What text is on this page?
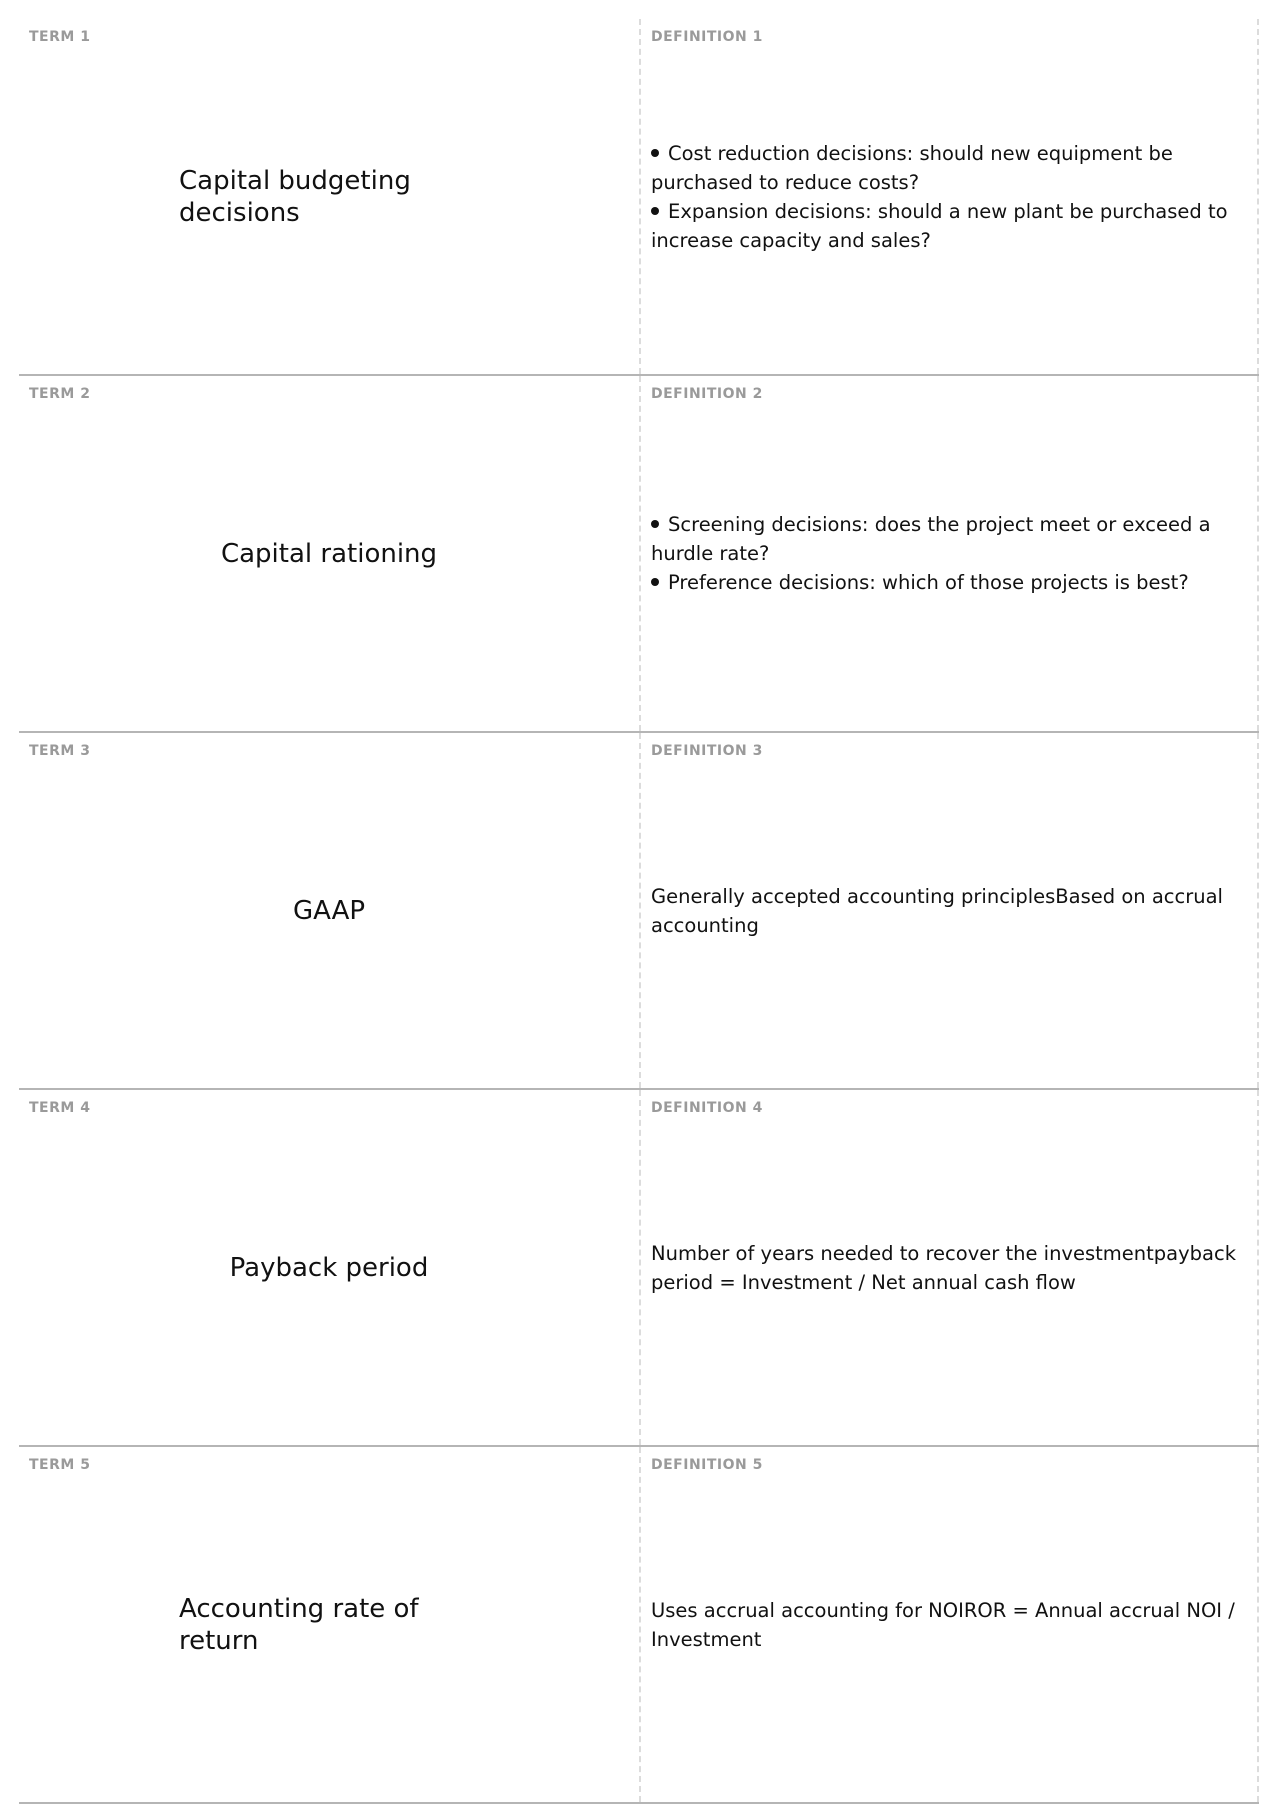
TERM 1
Capital budgeting decisions
DEFINITION 1
Cost reduction decisions: should new equipment be purchased to reduce costs?
Expansion decisions: should a new plant be purchased to increase capacity and sales?
TERM 2
Capital rationing
DEFINITION 2
Screening decisions: does the project meet or exceed a hurdle rate?
Preference decisions: which of those projects is best?
TERM 3
GAAP
DEFINITION 3
Generally accepted accounting principlesBased on accrual accounting
TERM 4
Payback period
DEFINITION 4
Number of years needed to recover the investmentpayback period = Investment / Net annual cash flow
TERM 5
Accounting rate of return
DEFINITION 5
Uses accrual accounting for NOIROR = Annual accrual NOI / Investment
